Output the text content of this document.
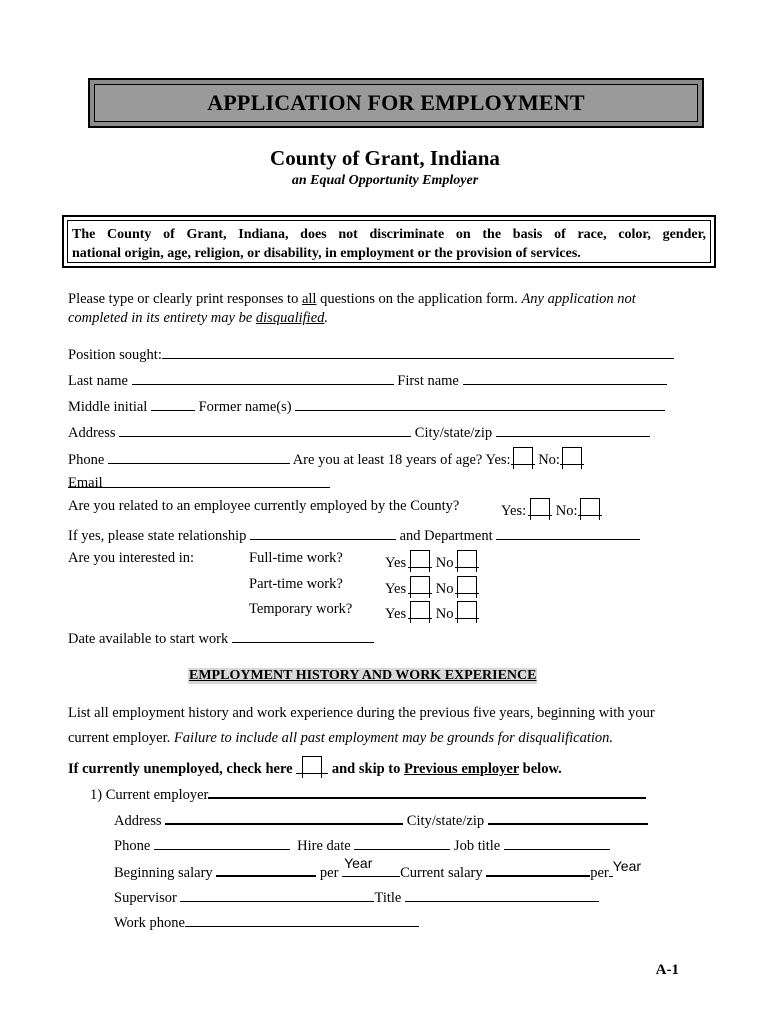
APPLICATION FOR EMPLOYMENT
County of Grant, Indiana
an Equal Opportunity Employer
The County of Grant, Indiana, does not discriminate on the basis of race, color, gender,
national origin, age, religion, or disability, in employment or the provision of services.
Please type or clearly print responses to all questions on the application form. Any application not
completed in its entirety may be disqualified.
Position sought:
Last name	First name
Middle initial	Former name(s)
Address	City/state/zip
Phone	Are you at least 18 years of age? Yes: No:
Email

Are you related to an employee currently employed by the County?	Yes: No:
If yes, please state relationship	and Department
Are you interested in:	Full-time work?	Yes No
Part-time work?	Yes No
Temporary work? Yes No
Date available to start work
EMPLOYMENT HISTORY AND WORK EXPERIENCE
List all employment history and work experience during the previous five years, beginning with your
current employer. Failure to include all past employment may be grounds for disqualification.
If currently unemployed, check here	and skip to Previous employer below.
1) Current employer
Address	City/state/zip
Phone	Hire date	Job title
Beginning salary	per
Year
Current salary	per Year
Supervisor	Title
Work phone
A-1
